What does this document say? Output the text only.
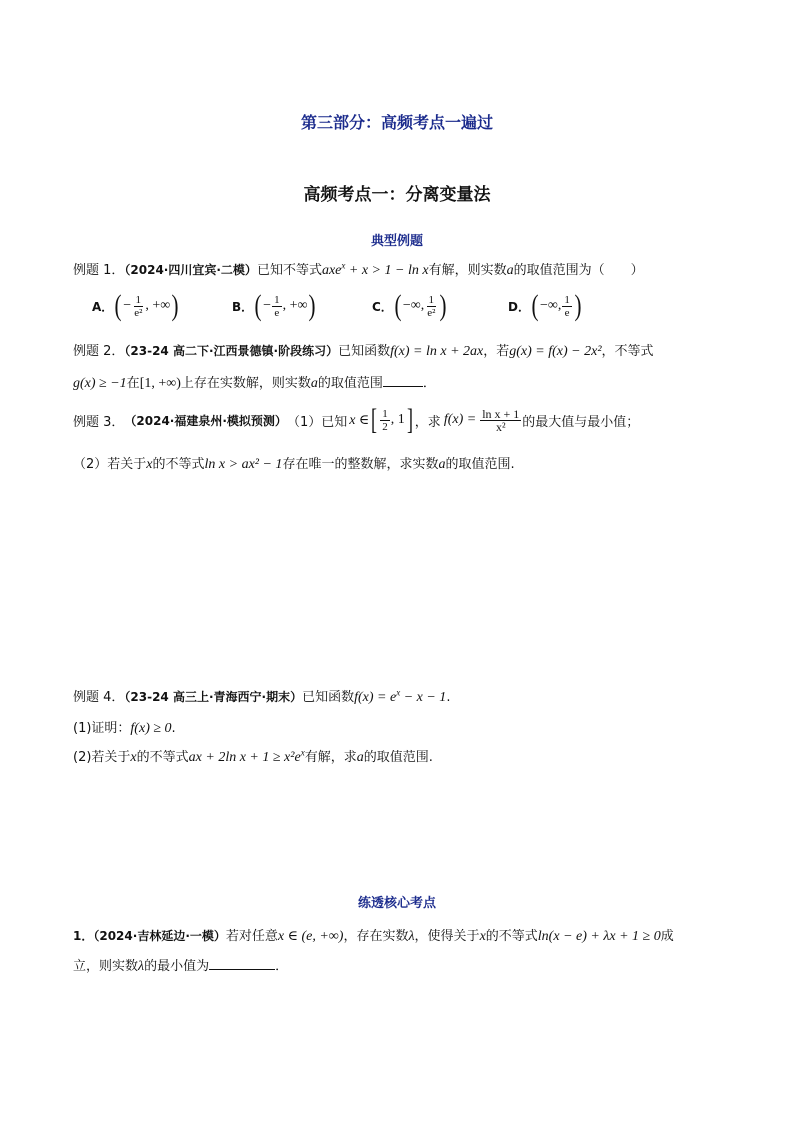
第三部分：高频考点一遍过
高频考点一：分离变量法
典型例题
例题 1．（2024·四川宜宾·二模）已知不等式axe$^x$ + x > 1 − ln x有解，则实数a的取值范围为（　　）
A． ( − $\frac{1}{\text{e²}}$ , +∞ )	B． ( − $\frac{1}{e}$ , +∞ )	C． ( −∞, $\frac{1}{\text{e²}}$ )	D． ( −∞, $\frac{1}{e}$ )
例题 2．（23-24 高二下·江西景德镇·阶段练习）已知函数f(x) = ln x + 2ax，若g(x) = f(x) − 2x²，不等式
g(x) ≥ −1在[1, +∞)上存在实数解，则实数a的取值范围	．
例题 3． （2024·福建泉州·模拟预测） （1）已知 x ∈ [ $\frac{1}{2}$ , 1 ] ，求 $f(x) = \frac{\text{ln x + 1}}{\text{x²}}$ 的最大值与最小值；
（2）若关于x的不等式ln x > ax² − 1存在唯一的整数解，求实数a的取值范围.
例题 4．（23-24 高三上·青海西宁·期末）已知函数$f(x) = e^x - x - 1$.
(1)证明：f(x) ≥ 0.
(2)若关于x的不等式ax + 2ln $x + 1 \ge x^2e^x$有解，求a的取值范围.
练透核心考点
1．（2024·吉林延边·一模）若对任意x ∈ (e, +∞)，存在实数λ，使得关于x的不等式ln(x − e) + λx + 1 ≥ 0成
立，则实数λ的最小值为	．
